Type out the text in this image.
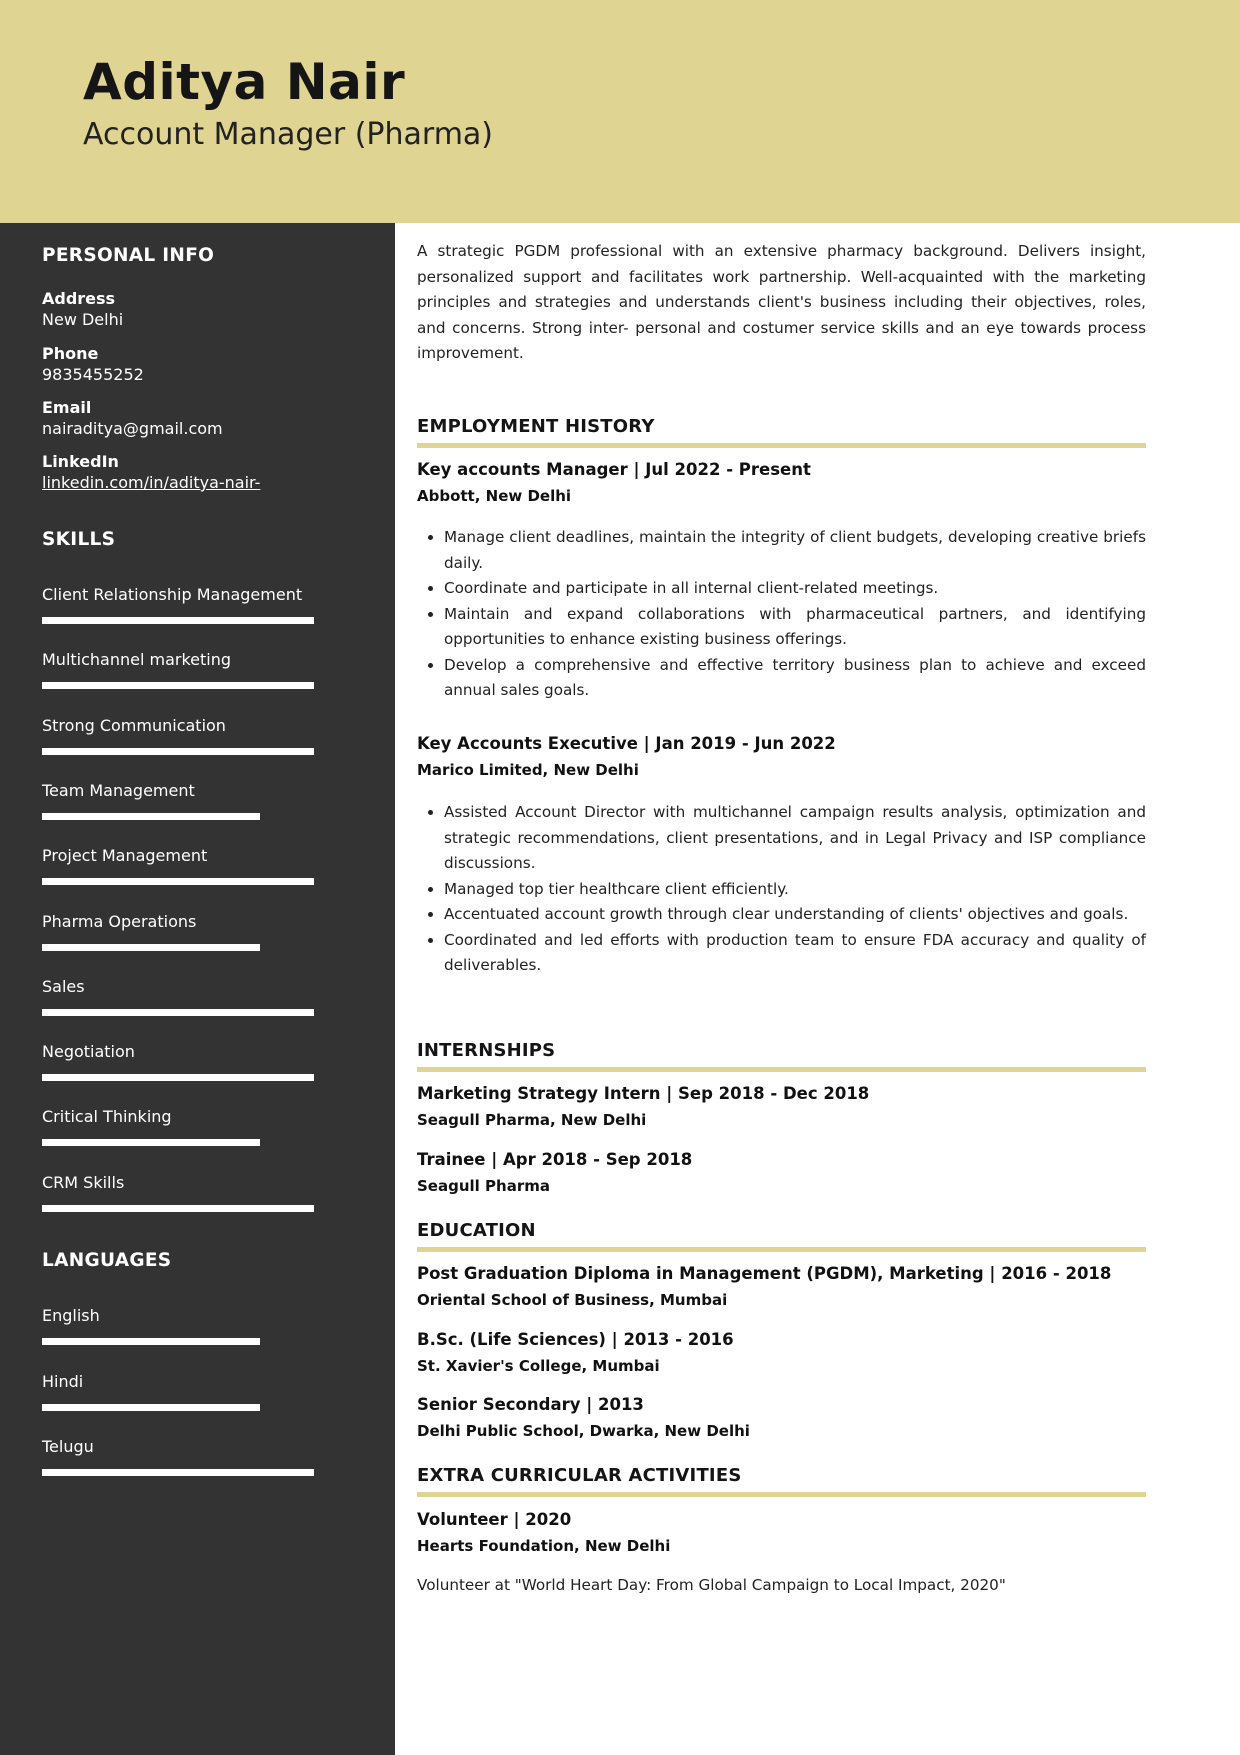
Aditya Nair
Account Manager (Pharma)
PERSONAL INFO
Address
New Delhi
Phone
9835455252
Email
nairaditya@gmail.com
LinkedIn
linkedin.com/in/aditya-nair-
SKILLS
Client Relationship Management
Multichannel marketing
Strong Communication
Team Management
Project Management
Pharma Operations
Sales
Negotiation
Critical Thinking
CRM Skills
LANGUAGES
English
Hindi
Telugu
A strategic PGDM professional with an extensive pharmacy background. Delivers insight, personalized support and facilitates work partnership. Well-acquainted with the marketing principles and strategies and understands client's business including their objectives, roles, and concerns. Strong inter- personal and costumer service skills and an eye towards process improvement.
EMPLOYMENT HISTORY
Key accounts Manager | Jul 2022 - Present
Abbott, New Delhi
• Manage client deadlines, maintain the integrity of client budgets, developing creative briefs daily.
• Coordinate and participate in all internal client-related meetings.
• Maintain and expand collaborations with pharmaceutical partners, and identifying opportunities to enhance existing business offerings.
• Develop a comprehensive and effective territory business plan to achieve and exceed annual sales goals.
Key Accounts Executive | Jan 2019 - Jun 2022
Marico Limited, New Delhi
• Assisted Account Director with multichannel campaign results analysis, optimization and strategic recommendations, client presentations, and in Legal Privacy and ISP compliance discussions.
• Managed top tier healthcare client efficiently.
• Accentuated account growth through clear understanding of clients' objectives and goals.
• Coordinated and led efforts with production team to ensure FDA accuracy and quality of deliverables.
INTERNSHIPS
Marketing Strategy Intern | Sep 2018 - Dec 2018
Seagull Pharma, New Delhi
Trainee | Apr 2018 - Sep 2018
Seagull Pharma
EDUCATION
Post Graduation Diploma in Management (PGDM), Marketing | 2016 - 2018
Oriental School of Business, Mumbai
B.Sc. (Life Sciences) | 2013 - 2016
St. Xavier's College, Mumbai
Senior Secondary | 2013
Delhi Public School, Dwarka, New Delhi
EXTRA CURRICULAR ACTIVITIES
Volunteer | 2020
Hearts Foundation, New Delhi
Volunteer at "World Heart Day: From Global Campaign to Local Impact, 2020"
